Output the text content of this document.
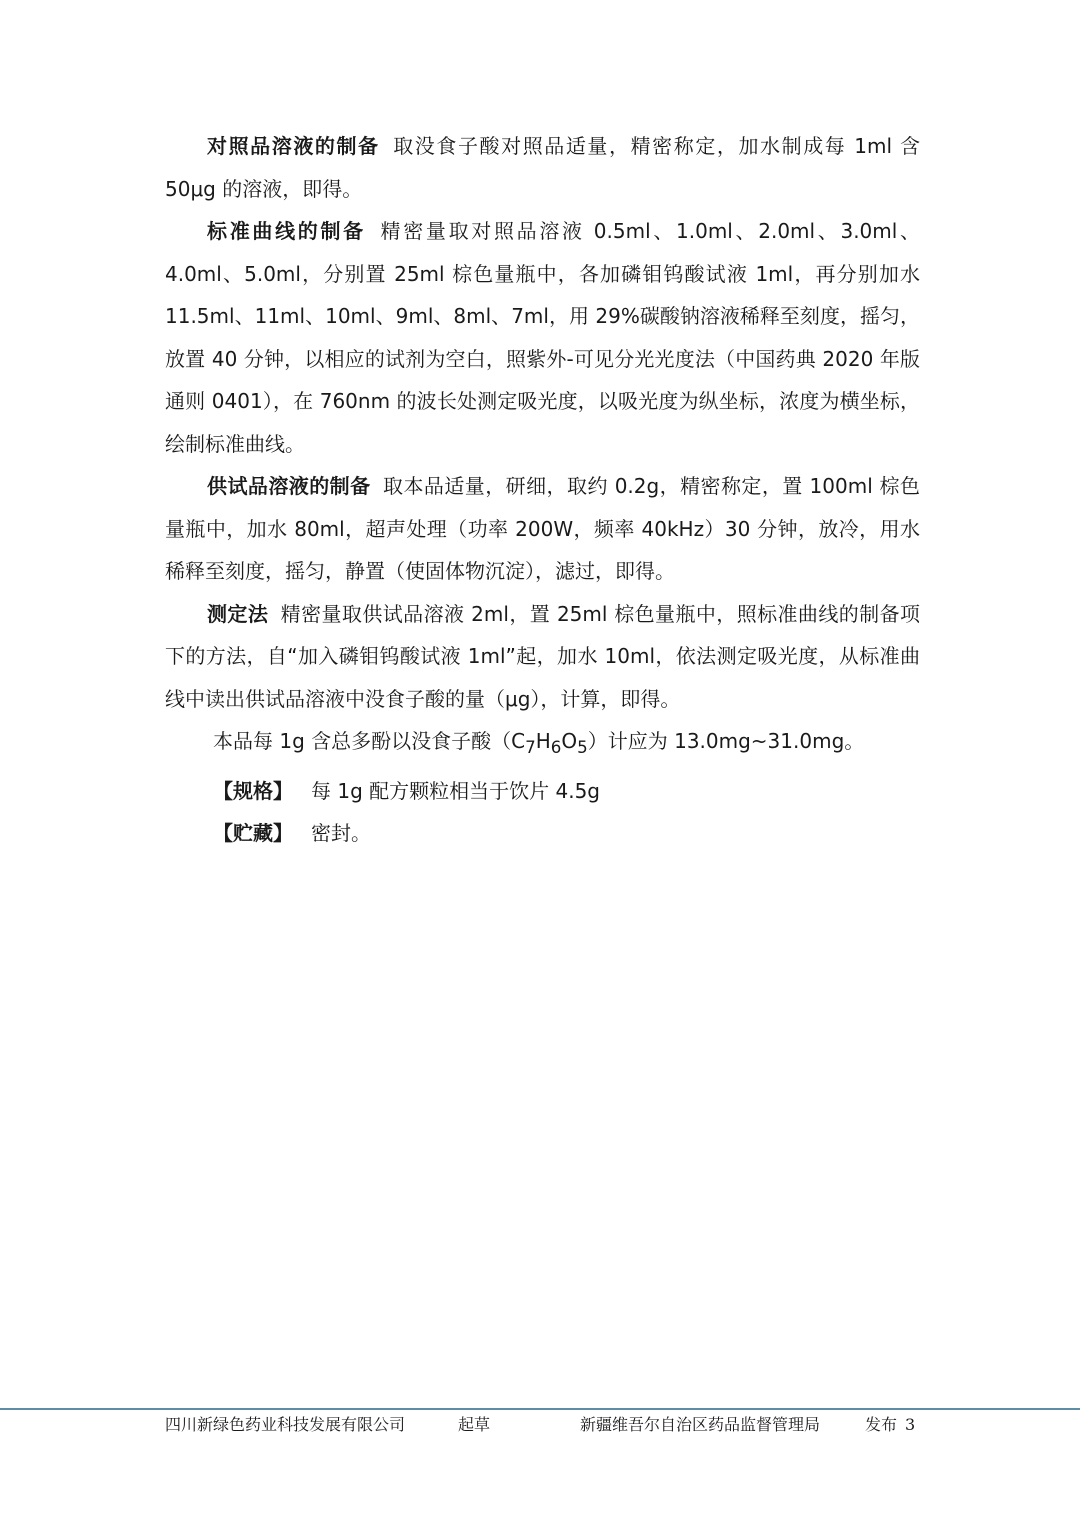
对照品溶液的制备 取没食子酸对照品适量，精密称定，加水制成每 1ml 含 50μg 的溶液，即得。

标准曲线的制备 精密量取对照品溶液 0.5ml、1.0ml、2.0ml、3.0ml、4.0ml、5.0ml，分别置 25ml 棕色量瓶中，各加磷钼钨酸试液 1ml，再分别加水 11.5ml、11ml、10ml、9ml、8ml、7ml，用 29%碳酸钠溶液稀释至刻度，摇匀，放置 40 分钟，以相应的试剂为空白，照紫外-可见分光光度法（中国药典 2020 年版通则 0401），在 760nm 的波长处测定吸光度，以吸光度为纵坐标，浓度为横坐标，绘制标准曲线。

供试品溶液的制备 取本品适量，研细，取约 0.2g，精密称定，置 100ml 棕色量瓶中，加水 80ml，超声处理（功率 200W，频率 40kHz）30 分钟，放冷，用水稀释至刻度，摇匀，静置（使固体物沉淀），滤过，即得。

测定法 精密量取供试品溶液 2ml，置 25ml 棕色量瓶中，照标准曲线的制备项下的方法，自“加入磷钼钨酸试液 1ml”起，加水 10ml，依法测定吸光度，从标准曲线中读出供试品溶液中没食子酸的量（μg），计算，即得。

本品每 1g 含总多酚以没食子酸$(C_7H_6O_5)$计应为 13.0mg~31.0mg。

【规格】 每 1g 配方颗粒相当于饮片 4.5g

【贮藏】 密封。

四川新绿色药业科技发展有限公司	起草	新疆维吾尔自治区药品监督管理局	发布 3
